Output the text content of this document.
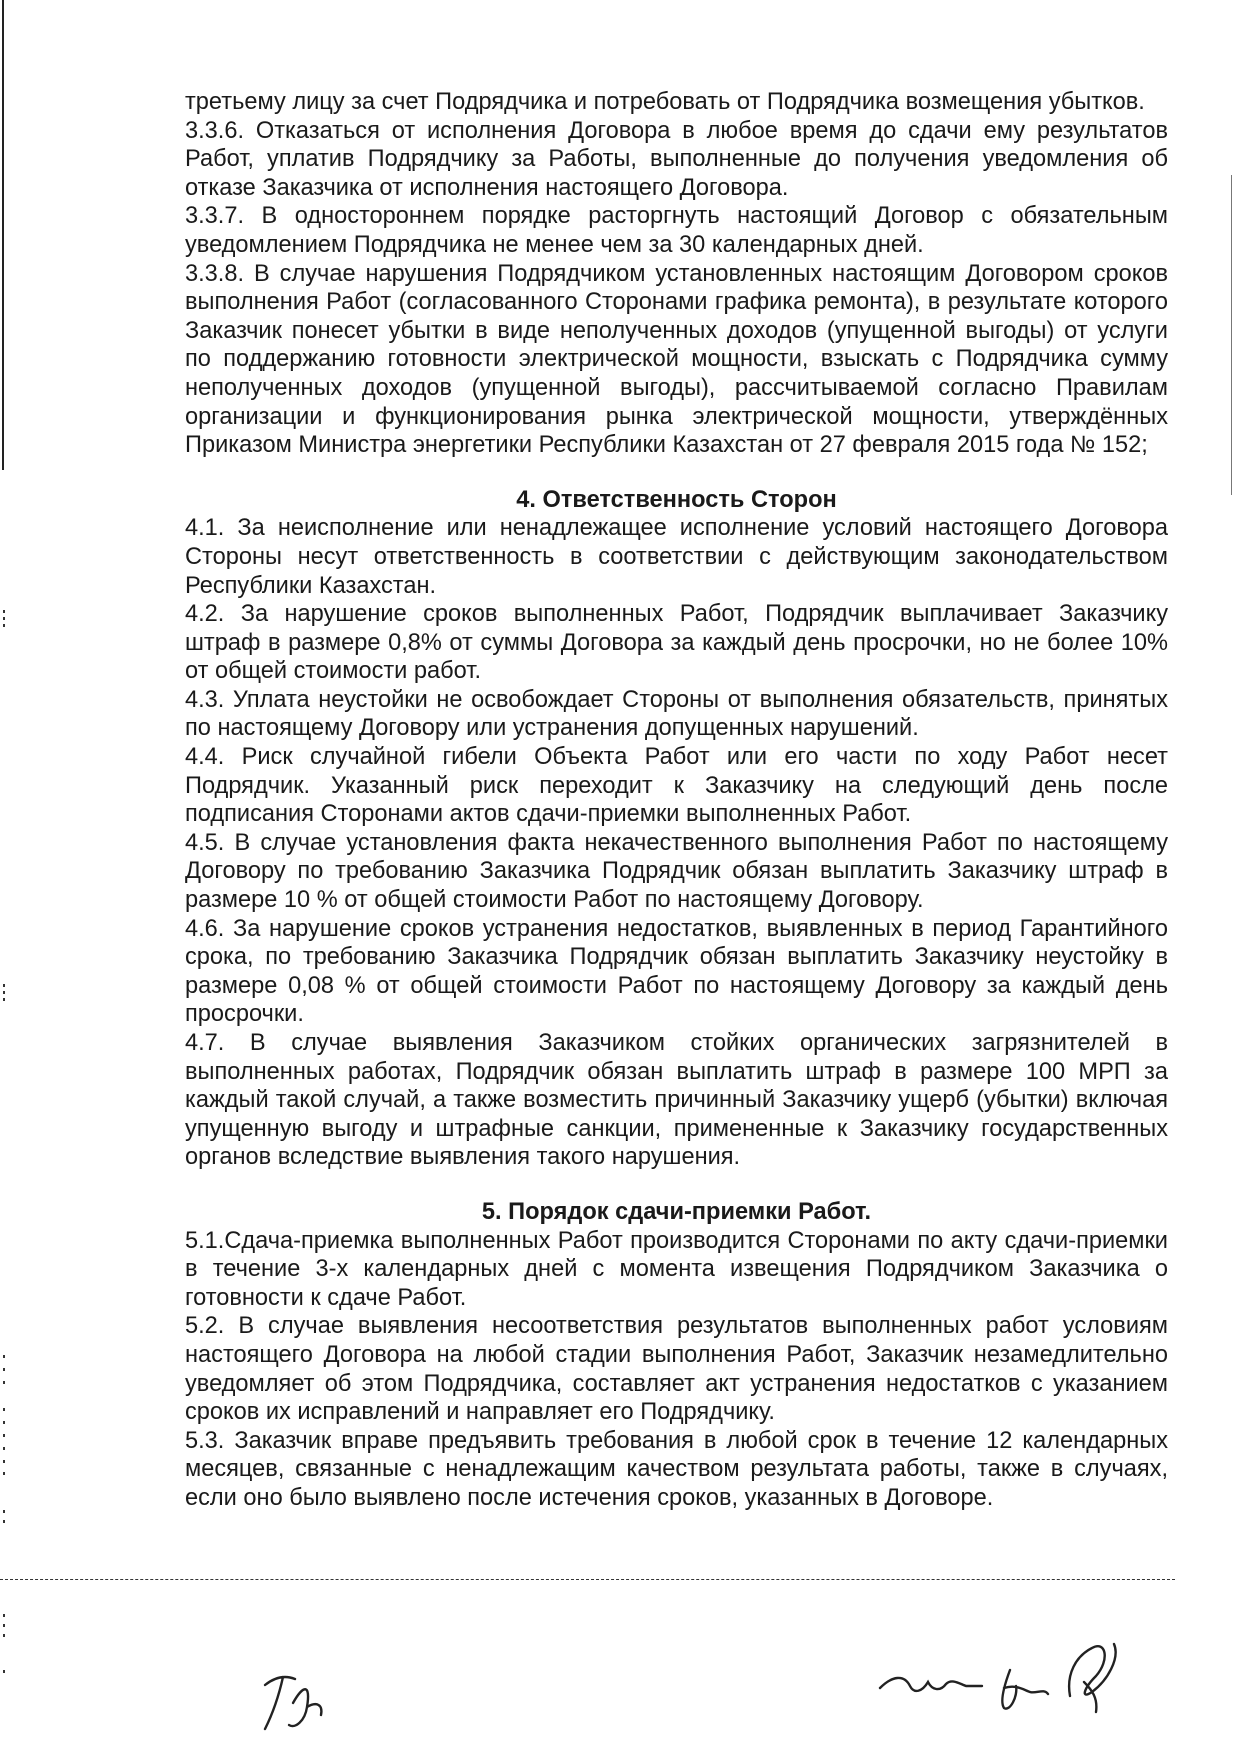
третьему лицу за счет Подрядчика и потребовать от Подрядчика возмещения убытков.

3.3.6. Отказаться от исполнения Договора в любое время до сдачи ему результатов Работ, уплатив Подрядчику за Работы, выполненные до получения уведомления об отказе Заказчика от исполнения настоящего Договора.

3.3.7. В одностороннем порядке расторгнуть настоящий Договор с обязательным уведомлением Подрядчика не менее чем за 30 календарных дней.

3.3.8. В случае нарушения Подрядчиком установленных настоящим Договором сроков выполнения Работ (согласованного Сторонами графика ремонта), в результате которого Заказчик понесет убытки в виде неполученных доходов (упущенной выгоды) от услуги по поддержанию готовности электрической мощности, взыскать с Подрядчика сумму неполученных доходов (упущенной выгоды), рассчитываемой согласно Правилам организации и функционирования рынка электрической мощности, утверждённых Приказом Министра энергетики Республики Казахстан от 27 февраля 2015 года № 152;

4. Ответственность Сторон

4.1. За неисполнение или ненадлежащее исполнение условий настоящего Договора Стороны несут ответственность в соответствии с действующим законодательством Республики Казахстан.

4.2. За нарушение сроков выполненных Работ, Подрядчик выплачивает Заказчику штраф в размере 0,8% от суммы Договора за каждый день просрочки, но не более 10% от общей стоимости работ.

4.3. Уплата неустойки не освобождает Стороны от выполнения обязательств, принятых по настоящему Договору или устранения допущенных нарушений.

4.4. Риск случайной гибели Объекта Работ или его части по ходу Работ несет Подрядчик. Указанный риск переходит к Заказчику на следующий день после подписания Сторонами актов сдачи-приемки выполненных Работ.

4.5. В случае установления факта некачественного выполнения Работ по настоящему Договору по требованию Заказчика Подрядчик обязан выплатить Заказчику штраф в размере 10 % от общей стоимости Работ по настоящему Договору.

4.6. За нарушение сроков устранения недостатков, выявленных в период Гарантийного срока, по требованию Заказчика Подрядчик обязан выплатить Заказчику неустойку в размере 0,08 % от общей стоимости Работ по настоящему Договору за каждый день просрочки.

4.7. В случае выявления Заказчиком стойких органических загрязнителей в выполненных работах, Подрядчик обязан выплатить штраф в размере 100 МРП за каждый такой случай, а также возместить причинный Заказчику ущерб (убытки) включая упущенную выгоду и штрафные санкции, примененные к Заказчику государственных органов вследствие выявления такого нарушения.

5. Порядок сдачи-приемки Работ.

5.1.Сдача-приемка выполненных Работ производится Сторонами по акту сдачи-приемки в течение 3-х календарных дней с момента извещения Подрядчиком Заказчика о готовности к сдаче Работ.

5.2. В случае выявления несоответствия результатов выполненных работ условиям настоящего Договора на любой стадии выполнения Работ, Заказчик незамедлительно уведомляет об этом Подрядчика, составляет акт устранения недостатков с указанием сроков их исправлений и направляет его Подрядчику.

5.3. Заказчик вправе предъявить требования в любой срок в течение 12 календарных месяцев, связанные с ненадлежащим качеством результата работы, также в случаях, если оно было выявлено после истечения сроков, указанных в Договоре.
